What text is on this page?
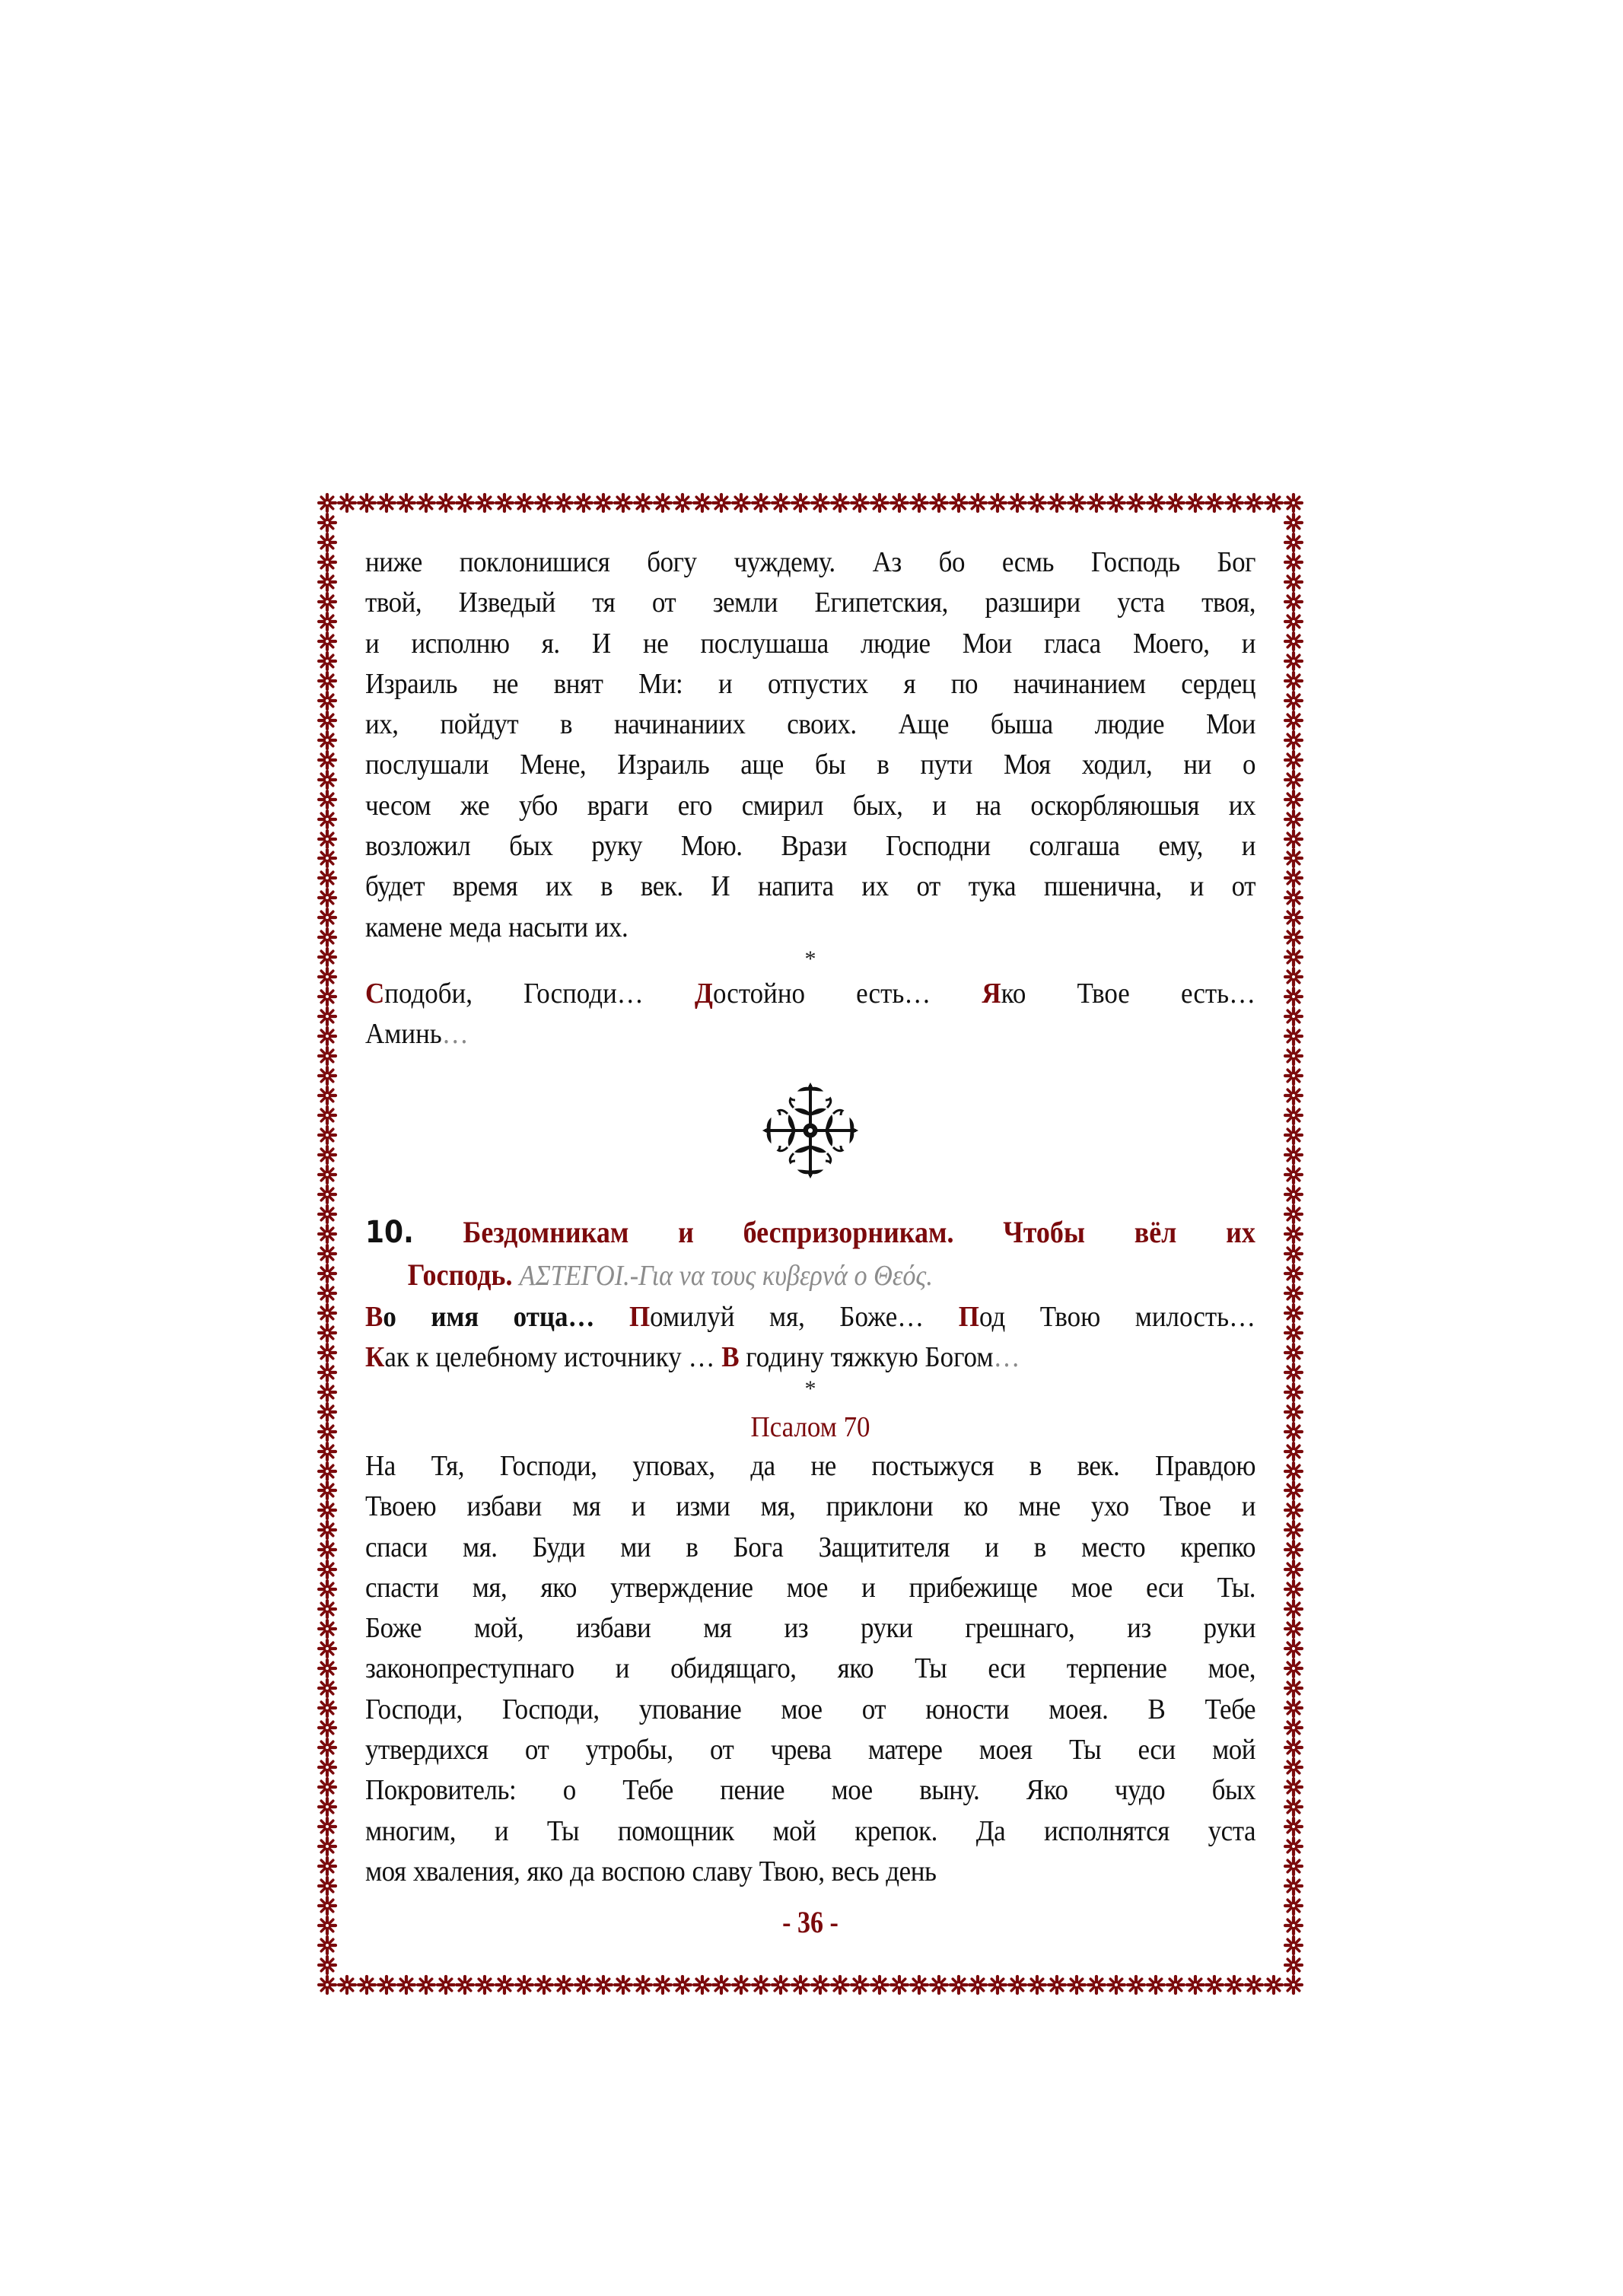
ниже поклонишися богу чуждему. Аз бо есмь Господь Бог
твой, Изведый тя от земли Египетския, разшири уста твоя,
и исполню я. И не послушаша людие Мои гласа Моего, и
Израиль не внят Ми: и отпустих я по начинанием сердец
их, пойдут в начинаниих своих. Аще быша людие Мои
послушали Мене, Израиль аще бы в пути Моя ходил, ни о
чесом же убо враги его смирил бых, и на оскорбляюшыя их
возложил бых руку Мою. Врази Господни солгаша ему, и
будет время их в век. И напита их от тука пшенична, и от
камене меда насыти их.
*
Сподоби, Господи… Достойно есть… Яко Твое есть…
Аминь…
10. Бездомникам и беспризорникам. Чтобы вёл их
Господь. ΑΣΤΕΓΟΙ.-Για να τους κυβερνά ο Θεός.
Во имя отца… Помилуй мя, Боже… Под Твою милость…
Как к целебному источнику … В годину тяжкую Богом…
*
Псалом 70
На Тя, Господи, уповах, да не постыжуся в век. Правдою
Твоею избави мя и изми мя, приклони ко мне ухо Твое и
спаси мя. Буди ми в Бога Защитителя и в место крепко
спасти мя, яко утверждение мое и прибежище мое еси Ты.
Боже мой, избави мя из руки грешнаго, из руки
законопреступнаго и обидящаго, яко Ты еси терпение мое,
Господи, Господи, упование мое от юности моея. В Тебе
утвердихся от утробы, от чрева матере моея Ты еси мой
Покровитель: о Тебе пение мое выну. Яко чудо бых
многим, и Ты помощник мой крепок. Да исполнятся уста
моя хваления, яко да воспою славу Твою, весь день
- 36 -
